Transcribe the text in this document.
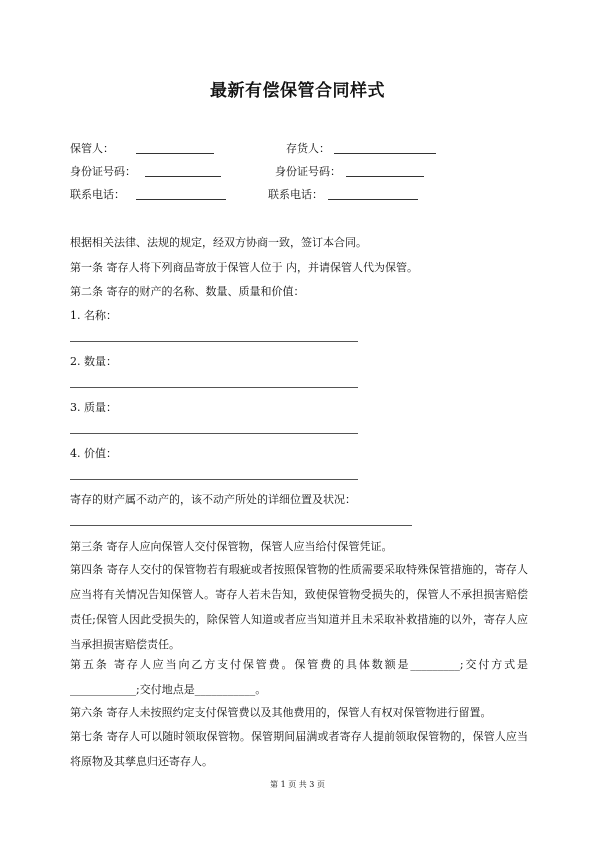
最新有偿保管合同样式
保管人：	存货人：
身份证号码：	身份证号码：
联系电话：	联系电话：
根据相关法律、法规的规定，经双方协商一致，签订本合同。
第一条 寄存人将下列商品寄放于保管人位于 内，并请保管人代为保管。
第二条 寄存的财产的名称、数量、质量和价值：
1. 名称：
2. 数量：
3. 质量：
4. 价值：
寄存的财产属不动产的，该不动产所处的详细位置及状况：
第三条 寄存人应向保管人交付保管物，保管人应当给付保管凭证。
第四条 寄存人交付的保管物若有瑕疵或者按照保管物的性质需要采取特殊保管措施的，寄存人应当将有关情况告知保管人。寄存人若未告知，致使保管物受损失的，保管人不承担损害赔偿责任;保管人因此受损失的，除保管人知道或者应当知道并且未采取补救措施的以外，寄存人应当承担损害赔偿责任。
第五条 寄存人应当向乙方支付保管费。保管费的具体数额是_________;交付方式是____________;交付地点是___________。
第六条 寄存人未按照约定支付保管费以及其他费用的，保管人有权对保管物进行留置。
第七条 寄存人可以随时领取保管物。保管期间届满或者寄存人提前领取保管物的，保管人应当将原物及其孳息归还寄存人。
第 1 页 共 3 页
